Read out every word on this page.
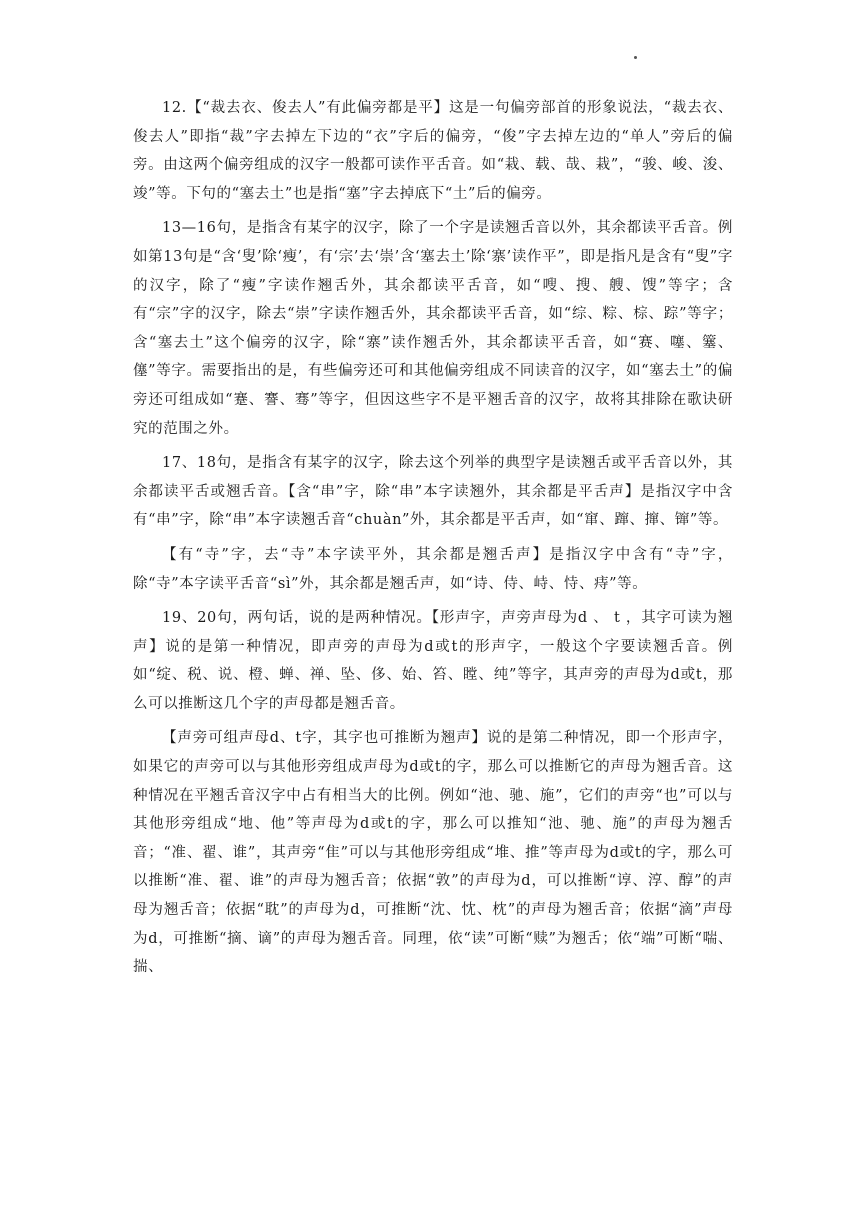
12.【“裁去衣、俊去人”有此偏旁都是平】这是一句偏旁部首的形象说法，“裁去衣、俊去人”即指“裁”字去掉左下边的“衣”字后的偏旁，“俊”字去掉左边的“单人”旁后的偏旁。由这两个偏旁组成的汉字一般都可读作平舌音。如“栽、载、哉、栽”，“骏、峻、浚、竣”等。下句的“塞去土”也是指“塞”字去掉底下“土”后的偏旁。

13—16句，是指含有某字的汉字，除了一个字是读翘舌音以外，其余都读平舌音。例如第13句是“含‘叟’除‘瘦’，有‘宗’去‘崇’含‘塞去土’除‘寨’读作平”，即是指凡是含有“叟”字的汉字，除了“瘦”字读作翘舌外，其余都读平舌音，如“嗖、搜、艘、馊”等字；含有“宗”字的汉字，除去“崇”字读作翘舌外，其余都读平舌音，如“综、粽、棕、踪”等字；含“塞去土”这个偏旁的汉字，除“寨”读作翘舌外，其余都读平舌音，如“赛、噻、簺、僿”等字。需要指出的是，有些偏旁还可和其他偏旁组成不同读音的汉字，如“塞去土”的偏旁还可组成如“蹇、謇、骞”等字，但因这些字不是平翘舌音的汉字，故将其排除在歌诀研究的范围之外。

17、18句，是指含有某字的汉字，除去这个列举的典型字是读翘舌或平舌音以外，其余都读平舌或翘舌音。【含“串”字，除“串”本字读翘外，其余都是平舌声】是指汉字中含有“串”字，除“串”本字读翘舌音“chuàn”外，其余都是平舌声，如“窜、蹿、撺、镩”等。

【有“寺”字，去“寺”本字读平外，其余都是翘舌声】是指汉字中含有“寺”字，除“寺”本字读平舌音“sì”外，其余都是翘舌声，如“诗、侍、峙、恃、痔”等。

19、20句，两句话，说的是两种情况。【形声字，声旁声母为d 、 t ，其字可读为翘声】说的是第一种情况，即声旁的声母为d或t的形声字，一般这个字要读翘舌音。例如“绽、税、说、橙、蝉、禅、坠、侈、始、笞、瞠、纯”等字，其声旁的声母为d或t，那么可以推断这几个字的声母都是翘舌音。

【声旁可组声母d、t字，其字也可推断为翘声】说的是第二种情况，即一个形声字，如果它的声旁可以与其他形旁组成声母为d或t的字，那么可以推断它的声母为翘舌音。这种情况在平翘舌音汉字中占有相当大的比例。例如“池、驰、施”，它们的声旁“也”可以与其他形旁组成“地、他”等声母为d或t的字，那么可以推知“池、驰、施”的声母为翘舌音；“准、翟、谁”，其声旁“隹”可以与其他形旁组成“堆、推”等声母为d或t的字，那么可以推断“准、翟、谁”的声母为翘舌音；依据“敦”的声母为d，可以推断“谆、淳、醇”的声母为翘舌音；依据“耽”的声母为d，可推断“沈、忱、枕”的声母为翘舌音；依据“滴”声母为d，可推断“摘、谪”的声母为翘舌音。同理，依“读”可断“赎”为翘舌；依“端”可断“喘、揣、
